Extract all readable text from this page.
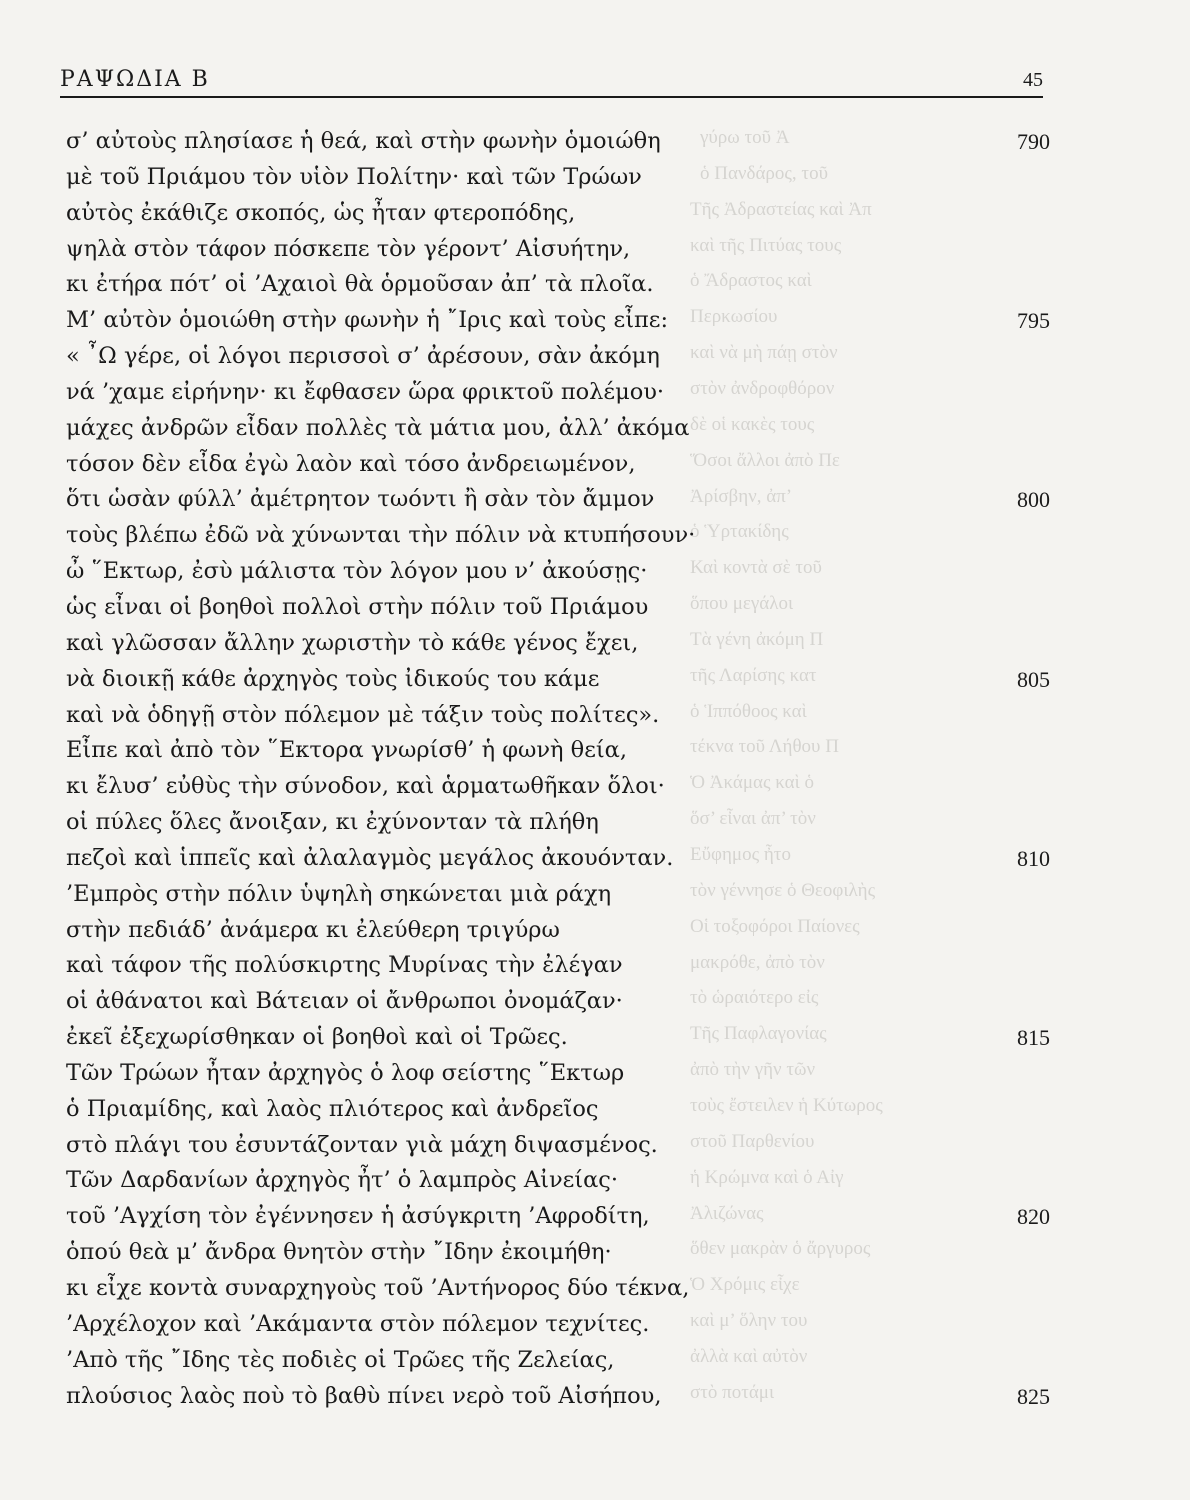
γύρω τοῦ Ἀ
ὁ Πανδάρος, τοῦ
Τῆς Ἀδραστείας καὶ Ἀπ
καὶ τῆς Πιτύας τους
ὁ Ἄδραστος καὶ
Περκωσίου
καὶ νὰ μὴ πάῃ στὸν
στὸν ἀνδροφθόρον
δὲ οἱ κακὲς τους
Ὅσοι ἄλλοι ἀπὸ Πε
Ἀρίσβην, ἀπ’
ὁ Ὑρτακίδης
Καὶ κοντὰ σὲ τοῦ
ὅπου μεγάλοι
Τὰ γένη ἀκόμη Π
τῆς Λαρίσης κατ
ὁ Ἱππόθοος καὶ
τέκνα τοῦ Λήθου Π
Ὁ Ἀκάμας καὶ ὁ
ὅσ’ εἶναι ἀπ’ τὸν
Εὔφημος ἦτο
τὸν γέννησε ὁ Θεοφιλὴς
Οἱ τοξοφόροι Παίονες
μακρόθε, ἀπὸ τὸν
τὸ ὡραιότερο εἰς
Τῆς Παφλαγονίας
ἀπὸ τὴν γῆν τῶν
τοὺς ἔστειλεν ἡ Κύτωρος
στοῦ Παρθενίου
ἡ Κρώμνα καὶ ὁ Αἰγ
Ἀλιζώνας
ὅθεν μακρὰν ὁ ἄργυρος
Ὁ Χρόμις εἶχε
καὶ μ’ ὅλην του
ἀλλὰ καὶ αὐτὸν
στὸ ποτάμι
ΡΑΨΩΔΙΑ Β	45
σ’ αὐτοὺς πλησίασε ἡ θεά, καὶ στὴν φωνὴν ὁμοιώθη	790
μὲ τοῦ Πριάμου τὸν υἱὸν Πολίτην· καὶ τῶν Τρώων
αὐτὸς ἐκάθιζε σκοπός, ὡς ἦταν φτεροπόδης,
ψηλὰ στὸν τάφον πόσκεπε τὸν γέροντ’ Αἰσυήτην,
κι ἐτήρα πότ’ οἱ ’Αχαιοὶ θὰ ὁρμοῦσαν ἀπ’ τὰ πλοῖα.
Μ’ αὐτὸν ὁμοιώθη στὴν φωνὴν ἡ ῎Ιρις καὶ τοὺς εἶπε:	795
« ῏Ω γέρε, οἱ λόγοι περισσοὶ σ’ ἀρέσουν, σὰν ἀκόμη
νά ’χαμε εἰρήνην· κι ἔφθασεν ὥρα φρικτοῦ πολέμου·
μάχες ἀνδρῶν εἶδαν πολλὲς τὰ μάτια μου, ἀλλ’ ἀκόμα
τόσον δὲν εἶδα ἐγὼ λαὸν καὶ τόσο ἀνδρειωμένον,
ὅτι ὡσὰν φύλλ’ ἀμέτρητον τωόντι ἢ σὰν τὸν ἄμμον	800
τοὺς βλέπω ἐδῶ νὰ χύνωνται τὴν πόλιν νὰ κτυπήσουν·
ὦ ῞Εκτωρ, ἐσὺ μάλιστα τὸν λόγον μου ν’ ἀκούσῃς·
ὡς εἶναι οἱ βοηθοὶ πολλοὶ στὴν πόλιν τοῦ Πριάμου
καὶ γλῶσσαν ἄλλην χωριστὴν τὸ κάθε γένος ἔχει,
νὰ διοικῇ κάθε ἀρχηγὸς τοὺς ἰδικούς του κάμε	805
καὶ νὰ ὁδηγῇ στὸν πόλεμον μὲ τάξιν τοὺς πολίτες».
Εἶπε καὶ ἀπὸ τὸν ῞Εκτορα γνωρίσθ’ ἡ φωνὴ θεία,
κι ἔλυσ’ εὐθὺς τὴν σύνοδον, καὶ ἁρματωθῆκαν ὅλοι·
οἱ πύλες ὅλες ἄνοιξαν, κι ἐχύνονταν τὰ πλήθη
πεζοὶ καὶ ἱππεῖς καὶ ἀλαλαγμὸς μεγάλος ἀκουόνταν.	810
’Εμπρὸς στὴν πόλιν ὑψηλὴ σηκώνεται μιὰ ράχη
στὴν πεδιάδ’ ἀνάμερα κι ἐλεύθερη τριγύρω
καὶ τάφον τῆς πολύσκιρτης Μυρίνας τὴν ἐλέγαν
οἱ ἀθάνατοι καὶ Βάτειαν οἱ ἄνθρωποι ὀνομάζαν·
ἐκεῖ ἐξεχωρίσθηκαν οἱ βοηθοὶ καὶ οἱ Τρῶες.	815
Τῶν Τρώων ἦταν ἀρχηγὸς ὁ λοφ σείστης ῞Εκτωρ
ὁ Πριαμίδης, καὶ λαὸς πλιότερος καὶ ἀνδρεῖος
στὸ πλάγι του ἐσυντάζονταν γιὰ μάχη διψασμένος.
Τῶν Δαρδανίων ἀρχηγὸς ἦτ’ ὁ λαμπρὸς Αἰνείας·
τοῦ ’Αγχίση τὸν ἐγέννησεν ἡ ἀσύγκριτη ’Αφροδίτη,	820
ὁπού θεὰ μ’ ἄνδρα θνητὸν στὴν ῎Ιδην ἐκοιμήθη·
κι εἶχε κοντὰ συναρχηγοὺς τοῦ ’Αντήνορος δύο τέκνα,
’Αρχέλοχον καὶ ’Ακάμαντα στὸν πόλεμον τεχνίτες.
’Απὸ τῆς ῎Ιδης τὲς ποδιὲς οἱ Τρῶες τῆς Ζελείας,
πλούσιος λαὸς ποὺ τὸ βαθὺ πίνει νερὸ τοῦ Αἰσήπου,	825
